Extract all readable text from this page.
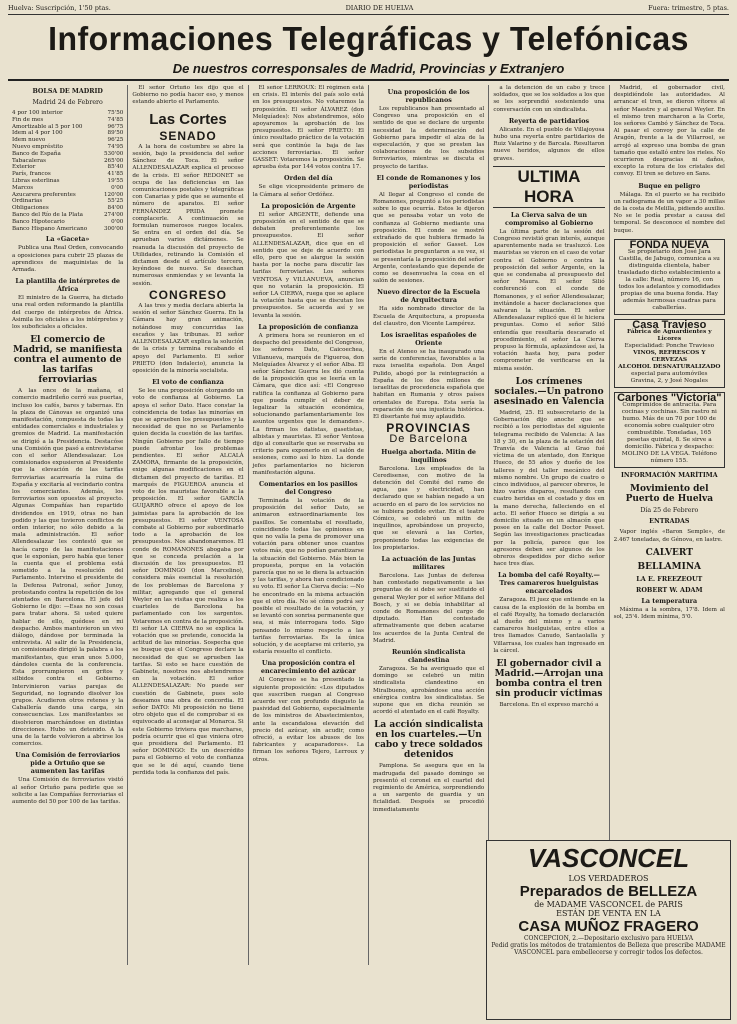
Huelva: Suscripción, 1'50 ptas.	DIARIO DE HUELVA	Fuera: trimestre, 5 ptas.
Informaciones Telegráficas y Telefónicas
De nuestros corresponsales de Madrid, Provincias y Extranjero
BOLSA DE MADRID
Madrid 24 de Febrero
4 por 100 interior	75'50
Fin de mes	74'85
Amortizable al 5 por 100	96'75
Idem al 4 por 100	89'50
Idem nuevo	96'25
Nuevo empréstito	74'95
Banco de España	530'00
Tabacaleras	265'00
Exterior	85'40
París, francos	41'85
Libras esterlinas	19'55
Marcos	0'00
Azucarera preferentes	120'00
Ordinarias	55'25
Obligaciones	84'00
Banco del Río de la Plata	274'00
Banco Hipotecario	0'00
Banco Hispano Americano	300'00
La «Gaceta»

Publica una Real Orden, convocando a oposiciones para cubrir 25 plazas de aprendices de maquinistas de la Armada.

La plantilla de intérpretes de África

El ministro de la Guerra, ha dictado una real orden reformando la plantilla del cuerpo de intérpretes de África. Asimila los oficiales a los intérpretes y los suboficiales a oficiales.

El comercio de Madrid, se manifiesta contra el aumento de las tarifas ferroviarias

A las once de la mañana, el comercio madrileño cerró sus puertas, incluso los cafés, bares y tabernas. En la plaza de Cánovas se organizó una manifestación, compuesta de todas las entidades comerciales e industriales y gremios de Madrid. La manifestación se dirigió a la Presidencia. Destacóse una Comisión que pasó a entrevistarse con el señor Allendesalazar. Los comisionados expusieron al Presidente que la elevación de las tarifas ferroviarias acarrearía la ruina de España y excitaría al vecindario contra los comerciantes. Además, los ferroviarios son opuestos al proyecto. Algunas Compañías han repartido dividendos en 1919, otras no han podido y las que tuvieron conflictos de orden interior, no sólo debido a la mala administración. El señor Allendesalazar les contestó que se hacía cargo de las manifestaciones que le exponían, pero había que tener la cuenta que el problema está sometido a la resolución del Parlamento. Intervino el presidente de la Defensa Patronal, señor Junoy, protestando contra la repetición de los atentados en Barcelona. El jefe del Gobierno le dijo: —Esas no son cosas para tratar ahora. Si usted quiere hablar de ello, quédese en mi despacho. Ambos mantuvieron un vivo diálogo, dándose por terminada la entrevista. Al salir de la Presidencia, un comisionado dirigió la palabra a los manifestantes, que eran unos 5.000, dándoles cuenta de la conferencia. Esta prorrumpieron en gritos y silbidos contra el Gobierno. Intervinieron varias parejas de Seguridad, no logrando disolver los grupos. Acudieron otros retenes y la Caballería dando una carga, sin consecuencias. Los manifestantes se disolvieron marchándose en distintas direcciones. Hubo un detenido. A la una de la tarde volvieron a abrirse los comercios.

Una Comisión de ferroviarios pide a Ortuño que se aumenten las tarifas

Una Comisión de ferroviarios visitó al señor Ortuño para pedirle que se solicite a las Compañías ferroviarias el aumento del 50 por 100 de las tarifas.

El señor Ortuño les dijo que el Gobierno no podía hacer eso, y menos estando abierto el Parlamento.

Las Cortes
SENADO

A la hora de costumbre se abre la sesión, bajo la presidencia del señor Sánchez de Toca. El señor ALLENDESALAZAR explica el proceso de la crisis. El señor REDONET se ocupa de las deficiencias en las comunicaciones postales y telegráficas con Canarias y pide que se aumente el número de aparatos. El señor FERNÁNDEZ PRIDA promete complacerle. A continuación se formulan numerosos ruegos locales. Se entra en el orden del día. Se aprueban varios dictámenes. Se reanuda la discusión del proyecto de Utilidades, retirando la Comisión el dictamen desde el artículo tercero, leyéndose de nuevo. Se desechan numerosas enmiendas y se levanta la sesión.

CONGRESO

A las tres y media declara abierta la sesión el señor Sánchez Guerra. En la Cámara hay gran animación, notándose muy concurridas las escaños y las tribunas. El señor ALLENDESALAZAR explica la solución de la crisis y termina recabando el apoyo del Parlamento. El señor PRIETO (don Indalecio), anuncia la oposición de la minoría socialista.

El voto de confianza

Se lee una proposición otorgando un voto de confianza al Gobierno. La apoya el señor Dato. Hace constar la coincidencia de todas las minorías en que se aprueben los presupuestos y la necesidad de que no se Parlamento quien decida la cuestión de las tarifas. Ningún Gobierno por fallo de tiempo puede afrontar los problemas pendientes. El señor ALCALÁ ZAMORA, firmante de la proposición, exige algunas modificaciones en el dictamen del proyecto de tarifas. El marqués de FIGUEROA anuncia el voto de los mauristas favorable a la proposición. El señor GARCÍA GUIJARRO ofrece el apoyo de los jaimistas para la aprobación de los presupuestos. El señor VENTOSA combate al Gobierno por subordinarlo todo a la aprobación de los presupuestos. Nos abandonaremos. El conde de ROMANONES abogaba por que se conceda prelación a la discusión de los presupuestos. El señor DOMINGO (don Marcelino), considera más esencial la resolución de los problemas de Barcelona y militar, agregando que el general Weyler en las visitas que realiza a los cuarteles de Barcelona ha parlamentado con los sargentos. Votaremos en contra de la proposición. El señor LA CIERVA no se explica la votación que se pretende, conocida la actitud de las minorías. Sospecha que se busque que el Congreso declare la necesidad de que se aprueben las tarifas. Si esto se hace cuestión de Gabinete, nosotros nos abstendremos en la votación. El señor ALLENDESALAZAR: No puede ser cuestión de Gabinete, pues solo deseamos una obra de concordia. El señor DATO: Mi proposición no tiene otro objeto que el de comprobar si es equivocado al aconsejar al Monarca. Si este Gobierno triviera que marcharse, podría ocurrir que el que viniera otro que presidiera del Parlamento. El señor DOMINGO: Es un descrédito para el Gobierno el voto de confianza que se le dé aquí, cuando tiene perdida toda la confianza del país.

El señor LERROUX: El régimen está en crisis. El interés del país solo está en los presupuestos. No votaremos la proposición. El señor ÁLVAREZ (don Melquíades): Nos abstendremos, sólo apoyaremos la aprobación de los presupuestos. El señor PRIETO: El único resultado práctico de la votación será que continúe la baja de las acciones ferroviarias. El señor GASSET: Votaremos la proposición. Se aprueba ésta por 144 votos contra 17.

Orden del día

Se elige vicepresidente primero de la Cámara al señor Ordóñez.

La proposición de Argente

El señor ARGENTE, defiende una proposición en el sentido de que se debaten preferentemente los presupuestos. El señor ALLENDESALAZAR, dice que en el sentido que se deje de acuerdo con ello, pero que se alargue la sesión hasta por la noche para discutir las tarifas ferroviarias. Los señores VENTOSA y VILLANUEVA, anuncian que no votarán la proposición. El señor LA CIERVA, ruega que se aplace la votación hasta que se discutan los presupuestos. Se acuerda así y se levanta la sesión.

La proposición de confianza

A primera hora se reunieron en el despacho del presidente del Congreso, los señores Dato, Caicoechea, Villanueva, marqués de Figueroa, don Melquíades Álvarez y el señor Alba. El señor Sánchez Guerra les dió cuenta de la proposición que se leería en la Cámara, que dice así: «El Congreso ratifica la confianza al Gobierno para que pueda cumplir el deber de legalizar la situación económica, solucionando parlamentariamente los asuntos urgentes que le demanden». La firman los datistas, gasetistas, albistas y mauristas. El señor Ventosa dijo al consultarle que se reservaba su criterio para exponerlo en el salón de sesiones, como así lo hizo. La donde jefes parlamentarios no hicieron manifestación alguna.

Comentarios en los pasillos del Congreso

Terminada la votación de la proposición del señor Dato, se animaron extraordinariamente los pasillos. Se comentaba el resultado, coincidiendo todas las opiniones en que no valía la pena de promover una votación para obtener unos cuantos votos más, que no podían garantizarse la situación del Gobierno. Más bien la propuesta, porque en la votación parecía que no se le diera la actuación y las tarifas, y ahora han condicionado su voto. El señor La Cierva decía: —No he encontrado en la misma actuación que el otro día. No sé cómo podrá ser posible el resultado de la votación, y se levantó con sonrisa permanente que sea, si más interrogara todo. Sigo pensando lo mismo respecto a las tarifas ferroviarias. Es la única solución, y de aceptarse mi criterio, ya estaría resuelto el conflicto.

Una proposición contra el encarecimiento del azúcar

Al Congreso se ha presentado la siguiente proposición: «Los diputados que suscriben ruegan al Congreso acuerde ver con profundo disgusto la pasividad del Gobierno, especialmente de los ministros de Abastecimientos, ante la escandalosa elevación del precio del azúcar, sin acudir, como ofreció, a evitar los abusos de los fabricantes y acaparadores». La firman los señores Tejero, Lerroux y otros.

Una proposición de los republicanos

Los republicanos han presentado al Congreso una proposición en el sentido de que se declare de urgente necesidad la determinación del Gobierno para impedir el alza de la especulación, y que se presten las colaboraciones de los subsidios ferroviarios, mientras se discuta el proyecto de tarifas.

El conde de Romanones y los periodistas

Al llegar al Congreso el conde de Romanones, preguntó a los periodistas sobre lo que ocurría. Estos le dijeron que se pensaba votar un voto de confianza al Gobierno mediante una proposición. El conde se mostró extrañado de que hubiera firmado la proposición el señor Gasset. Los periodistas le preguntaron a su vez, si se presentaría la proposición del señor Argente, contestando que depende de como se desenvuelva la cosa en el salón de sesiones.

Nuevo director de la Escuela de Arquitectura

Ha sido nombrado director de la Escuela de Arquitectura, a propuesta del claustro, don Vicente Lampérez.

Los israelitas españoles de Oriente

En el Ateneo se ha inaugurado una serie de conferencias, favorables a la raza israelita española. Don Ángel Pulido, abogó por la reintegración a España de los dos millones de israelitas de procedencia española que habitan en Rumania y otros países orientales de Europa. Esta sería la reparación de una injusticia histórica. El disertante fué muy aplaudido.

PROVINCIAS
De Barcelona
Huelga abortada. Mitin de inquilinos

Barcelona. Los empleados de la Ceredisense, con motivo de la detención del Comité del ramo de agua, gas y electricidad, han declarado que se habían negado a un acuerdo en el paro de los servicios no se hubiera podido evitar. En el teatro Cómico, se celebró un mitin de inquilinos, aprobándose un proyecto, que se elevará a las Cortes, proponiendo todas las exigencias de los propietarios.

La actuación de las Juntas militares

Barcelona. Las Juntas de defensa han contestado negativamente a las preguntas de si debe ser sustituido el general Weyler por el señor Milans del Bosch, y si se debía inhabilitar al conde de Romanones del cargo de diputado. Han contestado afirmativamente que deben acatarse los acuerdos de la Junta Central de Madrid.

Reunión sindicalista clandestina

Zaragoza. Se ha averiguado que el domingo se celebró un mitin sindicalista clandestino en Miralbueno, aprobándose una acción enérgica contra los sindicalistas. Se supone que en dicha reunión se acordó el atentado en el café Royalty.

La acción sindicalista en los cuarteles.—Un cabo y trece soldados detenidos

Pamplona. Se asegura que en la madrugada del pasado domingo se presentó el coronel en el cuartel del regimiento de América, sorprendiendo a un sargento de guardia y un ficialidad. Después se procedió inmediatamente

a la detención de un cabo y trece soldados, que se los soldados a los que se les sorprendió sosteniendo una conversación con un sindicalista.

Reyerta de partidarios

Alicante. En el pueblo de Villajoyosa hubo una reyerta entre partidarios de Ruiz Valarino y de Barcala. Resultaron nueve heridos, algunos de ellos graves.

ULTIMA HORA
La Cierva salva de un compromiso al Gobierno

La última parte de la sesión del Congreso revistió gran interés, aunque aparentemente nada se trasluzcó. Los mauristas se vieron en el caso de votar contra el Gobierno o contra la proposición del señor Argente, en la que se condenaba al presupuesto del señor Maura. El señor Silió conferenció con el conde de Romanones, y el señor Allendesalazar, invitándole a hacer declaraciones que salvaran la situación. El señor Allendesalazar replicó que él le hiciera preguntas. Como el señor Silió entendía que resultaría descarado el procedimiento, el señor La Cierva propuso la fórmula, aplazándose así, la votación hasta hoy, para poder comprometer de verificarse en la misma sesión.

Los crímenes sociales.—Un patrono asesinado en Valencia

Madrid, 25. El subsecretario de la Gobernación dijo anoche que se recibió a los periodistas del siguiente telegrama recibido de Valencia: A las 18 y 30, en la plaza de la estación del Tranvía de Valencia al Grao fué víctima de un atentado, don Enrique Hueco, de 55 años y dueño de los talleres y del taller mecánico del mismo nombre. Un grupo de cuatro o cinco individuos, al parecer obreros, le hizo varios disparos, resultando con cuatro heridas en el costado y dos en la mano derecha, falleciendo en el acto. El señor Hueco se dirigía a su domicilio situado en un almacén que posee en la calle del Doctor Pesset. Según las investigaciones practicadas por la policía, parece que los agresores deben ser algunos de los obreros despedidos por dicho señor hace tres días.

La bomba del café Royalty.—Tres camareros huelguistas encarcelados

Zaragoza. El juez que entiende en la causa de la explosión de la bomba en el café Royalty, ha tomado declaración al dueño del mismo y a varios camareros huelguistas, entre ellos a tres llamados Canudo, Santaolalla y Villarrasa, los cuales han ingresado en la cárcel.

El gobernador civil a Madrid.—Arrojan una bomba contra el tren sin producir víctimas

Barcelona. En el expreso marchó a

Madrid, el gobernador civil, despidiéndole las autoridades. Al arrancar el tren, se dieron vítores al señor Maestre y al general Weyler. En el mismo tren marcharon a la Corte, los señores Cambó y Sánchez de Toca. Al pasar el convoy por la calle de Aragón, frente a la de Villarroel, se arrojó al expreso una bomba de gran tamaño que estalló entre los rieles. No ocurrieron desgracias ni daños, excepto la rotura de los cristales del convoy. El tren se detuvo en Sans.

Buque en peligro

Málaga. En el puerto se ha recibido un radiograma de un vapor a 30 millas de la costa de Melilla, pidiendo auxilio. No se le podía prestar a causa del temporal. Se desconoce el nombre del buque.

FONDA NUEVA
Se propietario don José Jara Castilla, de Jabugo, comunica a su distinguida clientela, haber trasladado dicho establecimiento a la calle: Real, número 16, con todos los adelantos y comodidades propias de una buena fonda. Hay además hermosas cuadras para caballerías.
Casa Travieso
Fábrica de Aguardientes y Licores
Especialidad: Ponche Travieso
VINOS, REFRESCOS Y CERVEZAS
ALCOHOL DESNATURALIZADO
especial para automóviles
Gravina, 2, y José Nogales
Carbones "Victoria"
Comprimidos de antracita. Para cocinas y cochinas. Sin rastro ni humo. Más de un 70 por 100 de economía sobre cualquier otro combustible. Toneladas, 165 pesetas quintal, 8. Se sirve a domicilio. Fábrica y despacho: MOLINO DE LA VEGA. Teléfono número 155.
INFORMACIÓN MARÍTIMA
Movimiento del Puerto de Huelva
Día 25 de Febrero
ENTRADAS

Vapor inglés «Baron Semple», de 2.467 toneladas, de Génova, en lastre.

CALVERT
BELLAMINA
LA E. FREEZEOUT
ROBERT W. ADAM
La temperatura

Máxima a la sombra, 17'8. Idem al sol, 25'4. Idem mínima, 5'0.

VASCONCEL
LOS VERDADEROS
Preparados de BELLEZA
de MADAME VASCONCEL de PARIS
ESTÁN DE VENTA EN LA
CASA MUÑOZ FRAGERO
CONCEPCION, 2.—Depositario exclusivo para HUELVA
Pedid gratis los métodos de tratamientos de Belleza que prescribe MADAME VASCONCEL para embellecerse y corregir todos los defectos.
